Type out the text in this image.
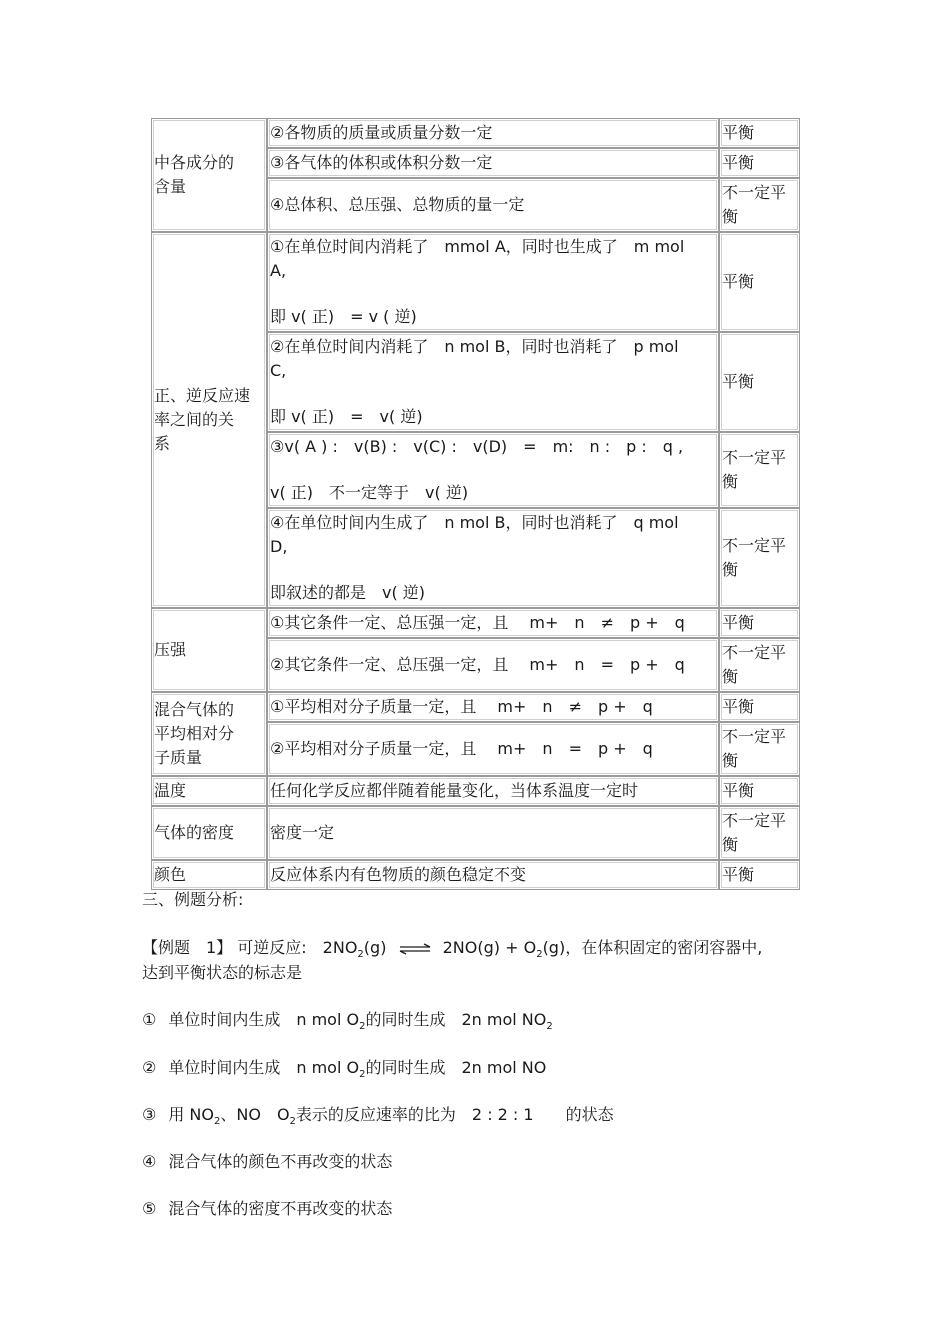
中各成分的
含量	②各物质的质量或质量分数一定	平衡

	③各气体的体积或体积分数一定	平衡

	④总体积、总压强、总物质的量一定	不一定平
衡

正、逆反应速
率之间的关
系	①在单位时间内消耗了　mmol A，同时也生成了　m mol
A,
即 v( 正)　= v ( 逆)	平衡

	②在单位时间内消耗了　n mol B，同时也消耗了　p mol
C,
即 v( 正)　=　v( 逆)	平衡

	③v( A ) :　v(B) :　v(C) :　v(D)　=　m:　n :　p :　q ,
v( 正)　不一定等于　v( 逆)	不一定平
衡

	④在单位时间内生成了　n mol B，同时也消耗了　q mol
D,
即叙述的都是　v( 逆)	不一定平
衡

压强	①其它条件一定、总压强一定，且　 m+　n　≠　p +　q	平衡

	②其它条件一定、总压强一定，且　 m+　n　=　p +　q	不一定平
衡

混合气体的
平均相对分
子质量	①平均相对分子质量一定，且　 m+　n　≠　p +　q	平衡

	②平均相对分子质量一定，且　 m+　n　=　p +　q	不一定平
衡

温度	任何化学反应都伴随着能量变化，当体系温度一定时	平衡

气体的密度	密度一定	不一定平
衡

颜色	反应体系内有色物质的颜色稳定不变	平衡
三、例题分析:
【例题　1】 可逆反应:　$2NO_2(g)$ ⇌ $2NO(g) + O_2(g)$，在体积固定的密闭容器中,
达到平衡状态的标志是
① 单位时间内生成　n mol $O_2$的同时生成　2n mol $NO_2$
② 单位时间内生成　n mol $O_2$的同时生成　2n mol NO
③ 用 $NO_2$、NO　$O_2$表示的反应速率的比为　2 : 2 : 1　　的状态
④ 混合气体的颜色不再改变的状态
⑤ 混合气体的密度不再改变的状态
